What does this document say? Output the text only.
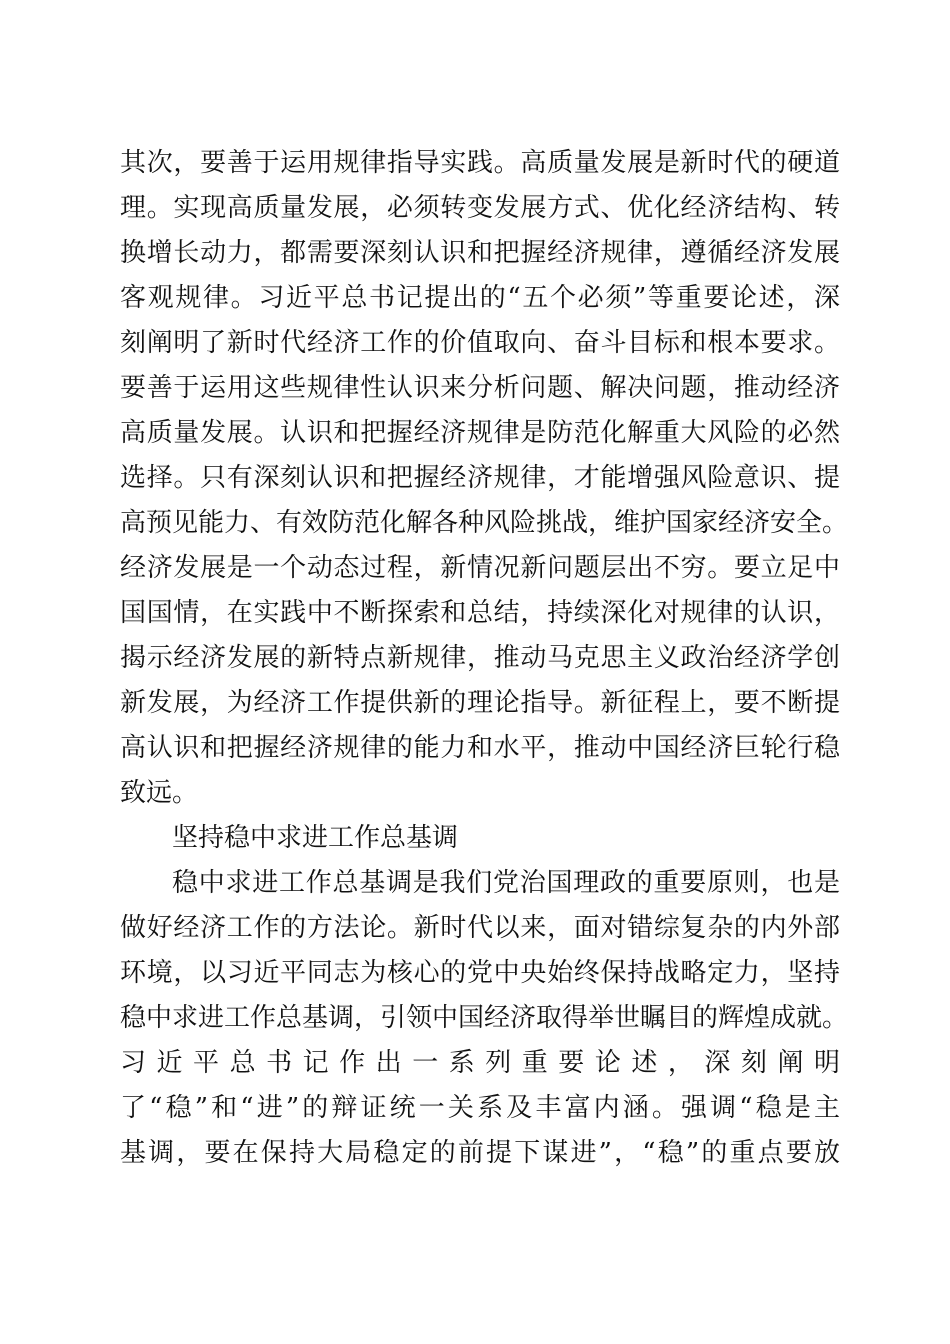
其次，要善于运用规律指导实践。高质量发展是新时代的硬道
理。实现高质量发展，必须转变发展方式、优化经济结构、转
换增长动力，都需要深刻认识和把握经济规律，遵循经济发展
客观规律。习近平总书记提出的“五个必须”等重要论述，深
刻阐明了新时代经济工作的价值取向、奋斗目标和根本要求。
要善于运用这些规律性认识来分析问题、解决问题，推动经济
高质量发展。认识和把握经济规律是防范化解重大风险的必然
选择。只有深刻认识和把握经济规律，才能增强风险意识、提
高预见能力、有效防范化解各种风险挑战，维护国家经济安全。
经济发展是一个动态过程，新情况新问题层出不穷。要立足中
国国情，在实践中不断探索和总结，持续深化对规律的认识，
揭示经济发展的新特点新规律，推动马克思主义政治经济学创
新发展，为经济工作提供新的理论指导。新征程上，要不断提
高认识和把握经济规律的能力和水平，推动中国经济巨轮行稳
致远。
坚持稳中求进工作总基调
稳中求进工作总基调是我们党治国理政的重要原则，也是
做好经济工作的方法论。新时代以来，面对错综复杂的内外部
环境，以习近平同志为核心的党中央始终保持战略定力，坚持
稳中求进工作总基调，引领中国经济取得举世瞩目的辉煌成就。
习近平总书记作出一系列重要论述，深刻阐明
了“稳”和“进”的辩证统一关系及丰富内涵。强调“稳是主
基调，要在保持大局稳定的前提下谋进”，“稳”的重点要放
